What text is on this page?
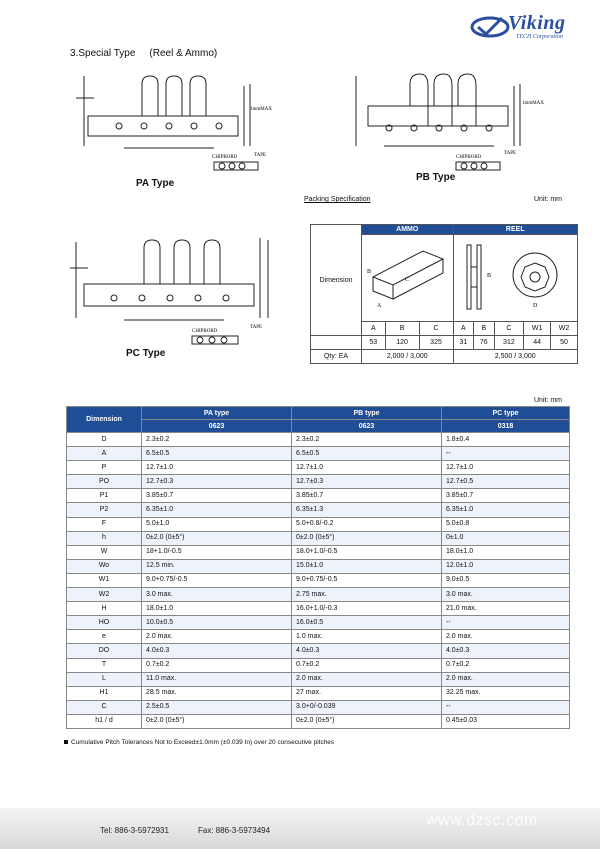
Viking
TECH Corporation
3.Special Type (Reel & Ammo)
CHIPBORD	TAPE
1mmMAX
PA Type
CHIPBORD
TAPE
1mmMAX
PB Type
CHIPBORD
TAPE
PC Type
Packing Specification	Unit: mm
Dimension	AMMO			REEL				

C
A
B			B
D				

	A	B	C	A	B	C	W1	W2
	53	120	325	31	76	312	44	50
Qty: EA	2,000 / 3,000			2,500 / 3,000				
Unit: mm
Dimension	PA type	PB type	PC type
	0623	0623	0318
D	2.3±0.2	2.3±0.2	1.8±0.4
A	6.5±0.5	6.5±0.5	--
P	12.7±1.0	12.7±1.0	12.7±1.0
PO	12.7±0.3	12.7±0.3	12.7±0.5
P1	3.85±0.7	3.85±0.7	3.85±0.7
P2	6.35±1.0	6.35±1.3	6.35±1.0
F	5.0±1.0	5.0+0.8/-0.2	5.0±0.8
h	0±2.0 (0±5°)	0±2.0 (0±5°)	0±1.0
W	18+1.0/-0.5	18.0+1.0/-0.5	18.0±1.0
Wo	12.5 min.	15.0±1.0	12.0±1.0
W1	9.0+0.75/-0.5	9.0+0.75/-0.5	9.0±0.5
W2	3.0 max.	2.75 max.	3.0 max.
H	18.0±1.0	16.0+1.0/-0.3	21.0 max.
HO	10.0±0.5	16.0±0.5	--
e	2.0 max.	1.0 max.	2.0 max.
DO	4.0±0.3	4.0±0.3	4.0±0.3
T	0.7±0.2	0.7±0.2	0.7±0.2
L	11.0 max.	2.0 max.	2.0 max.
H1	28.5 max.	27 max.	32.25 max.
C	2.5±0.5	3.0+0/-0.039	--
h1 / d	0±2.0 (0±5°)	0±2.0 (0±5°)	0.45±0.03
Cumulative Pitch Tolerances Not to Exceed±1.0mm (±0.039 In) over 20 consecutive pitches
Tel: 886-3-5972931	Fax: 886-3-5973494
www.dzsc.com
